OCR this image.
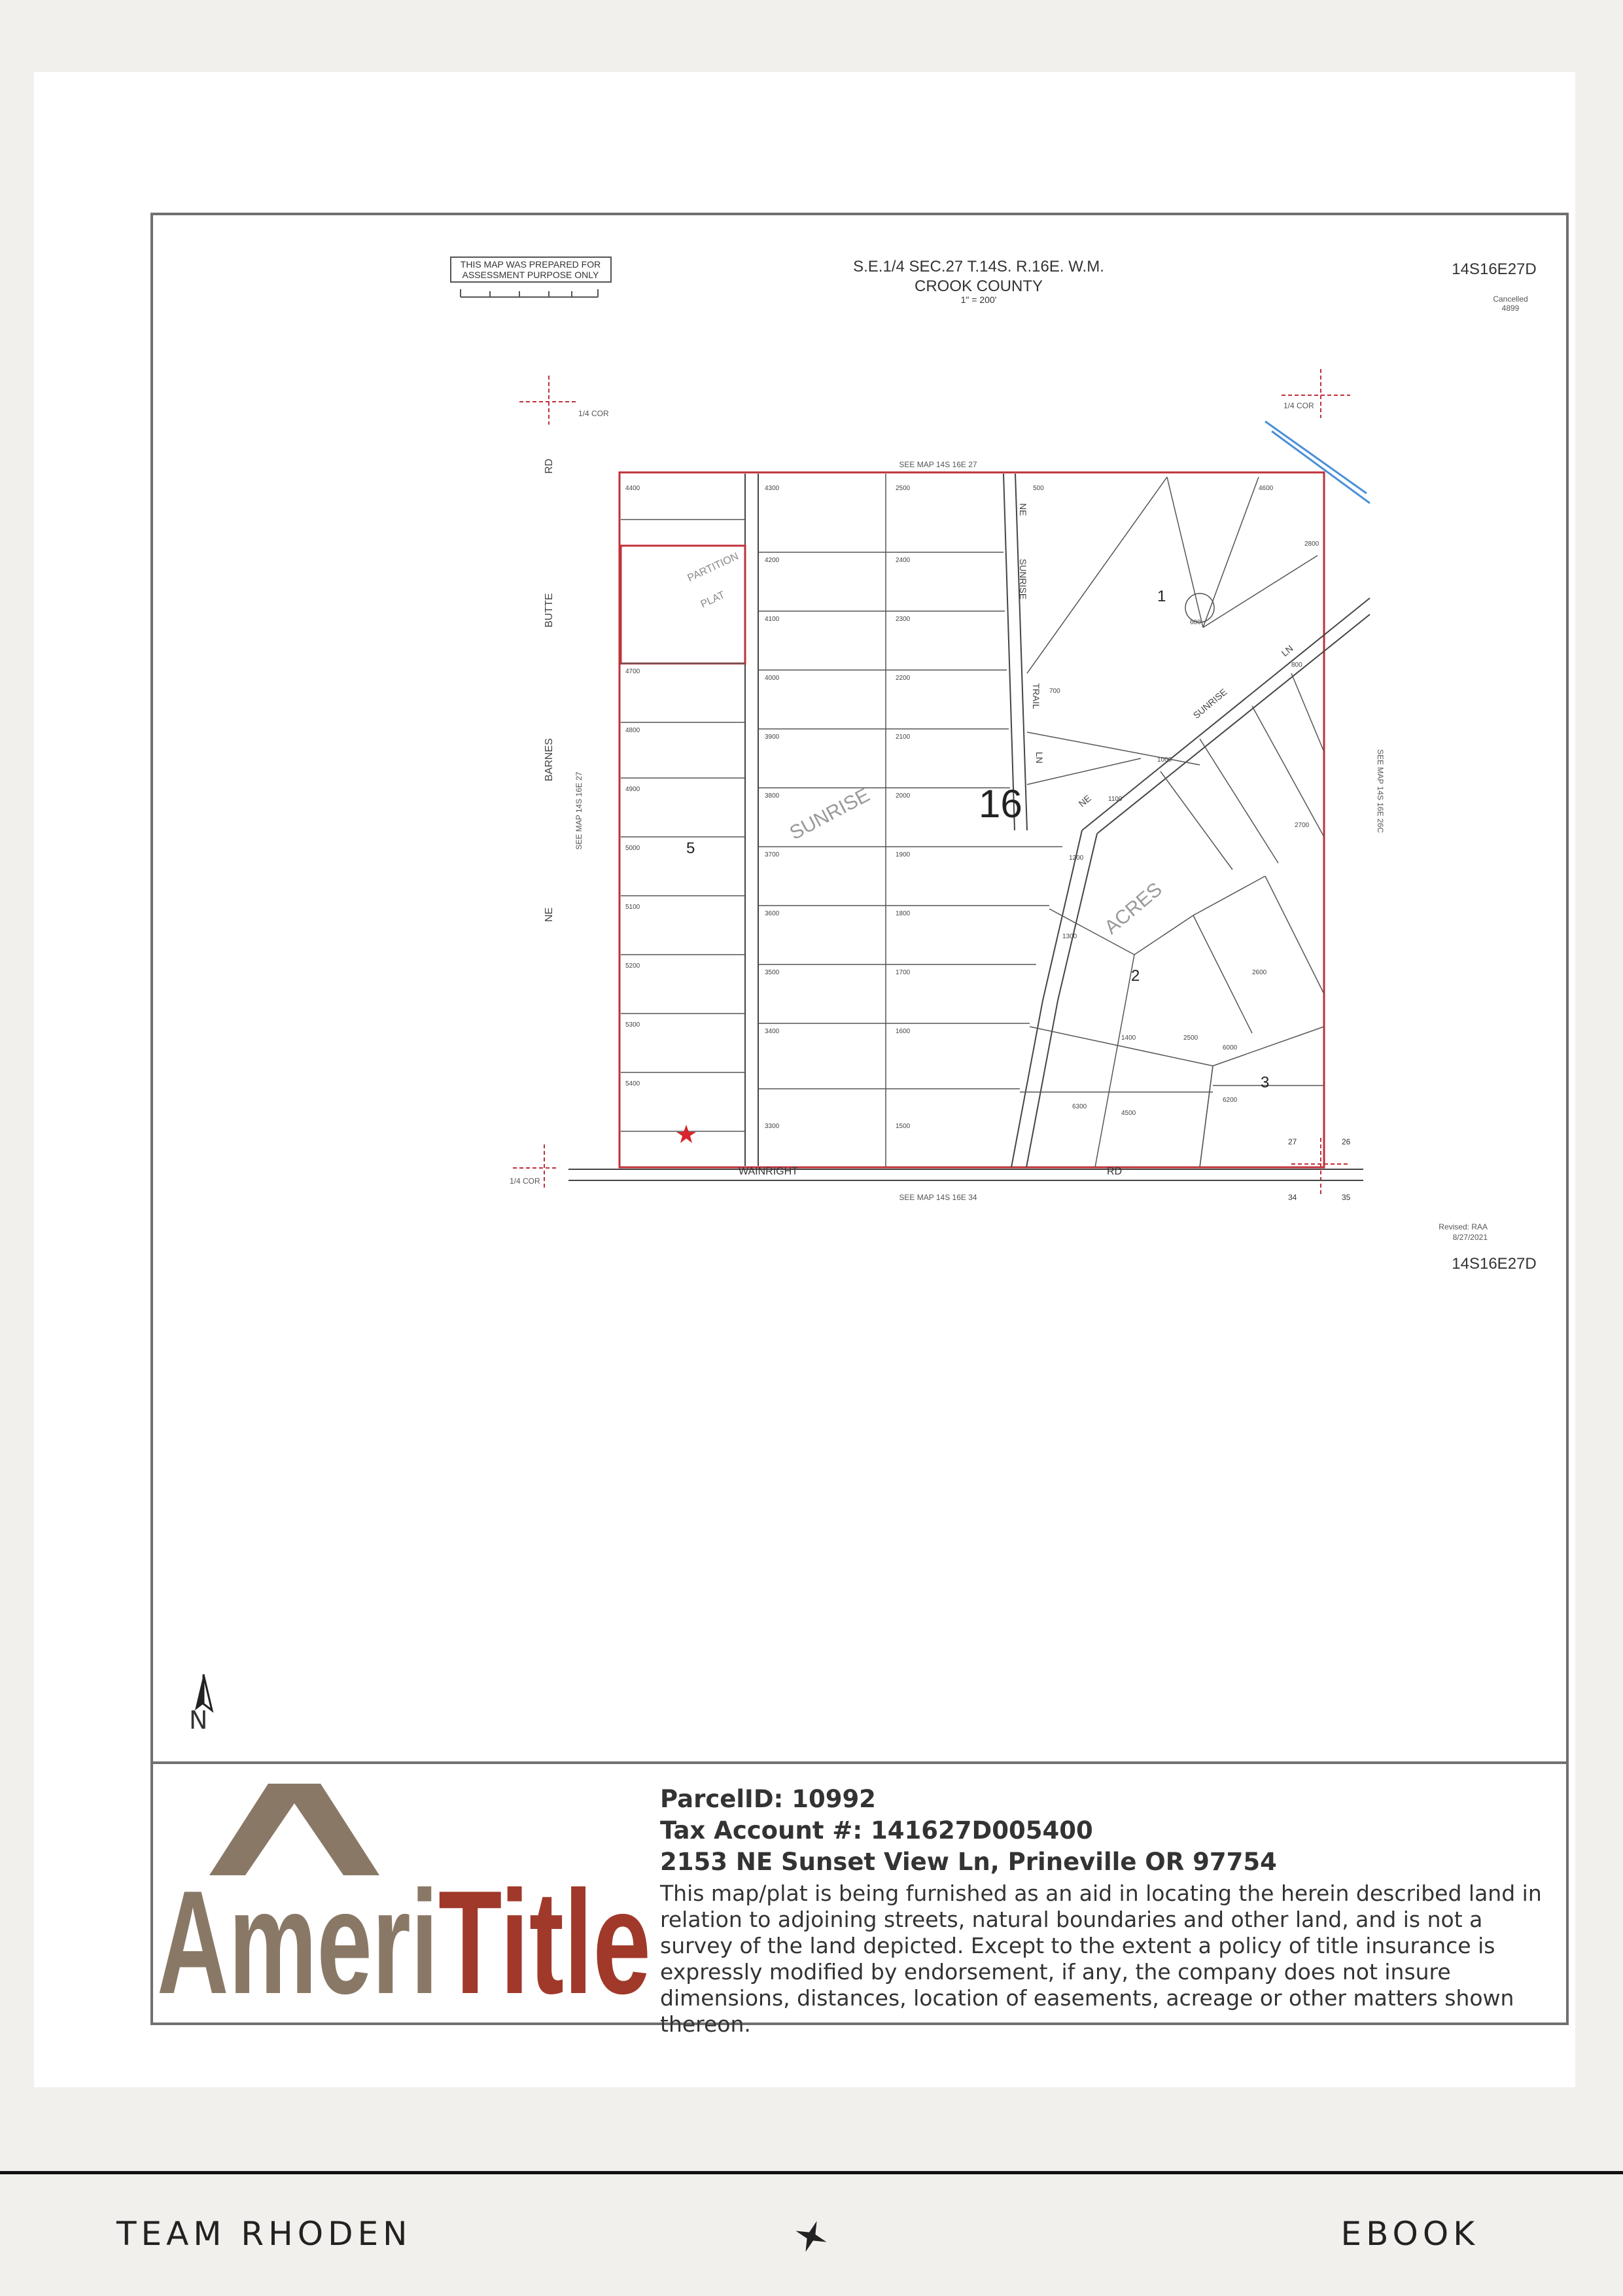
THIS MAP WAS PREPARED FOR
ASSESSMENT PURPOSE ONLY	S.E.1/4 SEC.27 T.14S. R.16E. W.M.
CROOK COUNTY
1" = 200'
14S16E27D
Cancelled
4899
1/4 COR
1/4 COR
1/4 COR
PARTITION
PLAT
16
5
1
2
3
27	26
34	35
SUNRISE
ACRES
SEE MAP 14S 16E 27
SEE MAP 14S 16E 34
SEE MAP 14S 16E 27	SEE MAP 14S 16E 26C
NE
BARNES
BUTTE
RD
WAINRIGHT	RD
NE
SUNRISE
TRAIL
LN
NE
SUNRISE
LN
4400	4300	2500
4200	2400
4100	2300
4000	2200
3900	2100
3800	2000
3700	1900
3600	1800
3500	1700
3400	1600
3300	1500
4700
4800
4900
5000
5100
5200
5300
5400
500
600
700
800
1000
1100
1200
1300
1400	2500
2600
2700
2800
6000
6200
6300
4500
4600
Revised: RAA
8/27/2021
14S16E27D
N
Ameri Title
ParcelID: 10992
Tax Account #: 141627D005400
2153 NE Sunset View Ln, Prineville OR 97754
This map/plat is being furnished as an aid in locating the herein described land in relation to adjoining streets, natural boundaries and other land, and is not a survey of the land depicted. Except to the extent a policy of title insurance is expressly modified by endorsement, if any, the company does not insure dimensions, distances, location of easements, acreage or other matters shown thereon.
TEAM RHODEN	EBOOK
